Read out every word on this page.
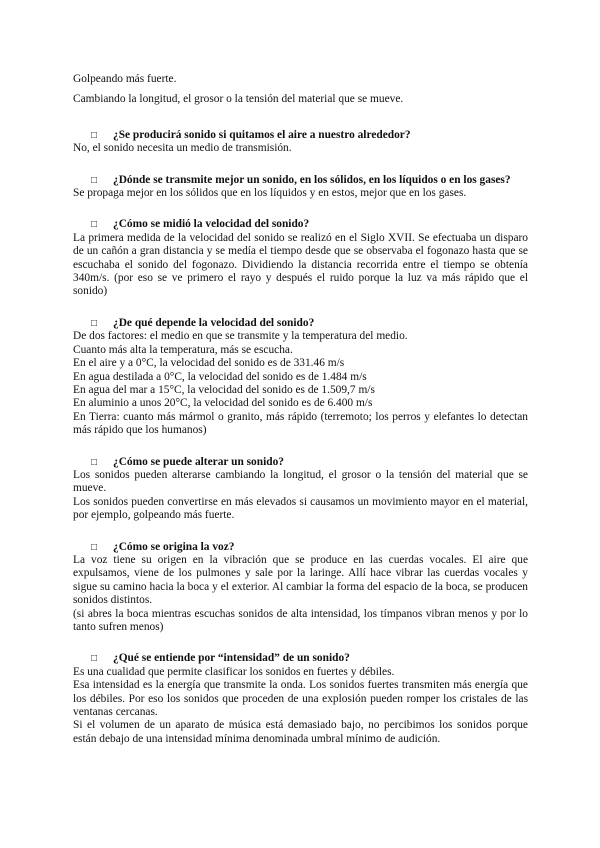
Golpeando más fuerte.

Cambiando la longitud, el grosor o la tensión del material que se mueve.

□	¿Se producirá sonido si quitamos el aire a nuestro alrededor?

No, el sonido necesita un medio de transmisión.

□	¿Dónde se transmite mejor un sonido, en los sólidos, en los líquidos o en los gases?

Se propaga mejor en los sólidos que en los líquidos y en estos, mejor que en los gases.

□	¿Cómo se midió la velocidad del sonido?

La primera medida de la velocidad del sonido se realizó en el Siglo XVII. Se efectuaba un disparo de un cañón a gran distancia y se medía el tiempo desde que se observaba el fogonazo hasta que se escuchaba el sonido del fogonazo. Dividiendo la distancia recorrida entre el tiempo se obtenía 340m/s. (por eso se ve primero el rayo y después el ruido porque la luz va más rápido que el sonido)

□	¿De qué depende la velocidad del sonido?

De dos factores: el medio en que se transmite y la temperatura del medio.

Cuanto más alta la temperatura, más se escucha.

En el aire y a 0°C, la velocidad del sonido es de 331.46 m/s

En agua destilada a 0°C, la velocidad del sonido es de 1.484 m/s

En agua del mar a 15°C, la velocidad del sonido es de 1.509,7 m/s

En aluminio a unos 20°C, la velocidad del sonido es de 6.400 m/s

En Tierra: cuanto más mármol o granito, más rápido (terremoto; los perros y elefantes lo detectan más rápido que los humanos)

□	¿Cómo se puede alterar un sonido?

Los sonidos pueden alterarse cambiando la longitud, el grosor o la tensión del material que se mueve.

Los sonidos pueden convertirse en más elevados si causamos un movimiento mayor en el material, por ejemplo, golpeando más fuerte.

□	¿Cómo se origina la voz?

La voz tiene su origen en la vibración que se produce en las cuerdas vocales. El aire que expulsamos, viene de los pulmones y sale por la laringe. Allí hace vibrar las cuerdas vocales y sigue su camino hacia la boca y el exterior. Al cambiar la forma del espacio de la boca, se producen sonidos distintos.

(si abres la boca mientras escuchas sonidos de alta intensidad, los tímpanos vibran menos y por lo tanto sufren menos)

□	¿Qué se entiende por “intensidad” de un sonido?

Es una cualidad que permite clasificar los sonidos en fuertes y débiles.

Esa intensidad es la energía que transmite la onda. Los sonidos fuertes transmiten más energía que los débiles. Por eso los sonidos que proceden de una explosión pueden romper los cristales de las ventanas cercanas.

Si el volumen de un aparato de música está demasiado bajo, no percibimos los sonidos porque están debajo de una intensidad mínima denominada umbral mínimo de audición.
